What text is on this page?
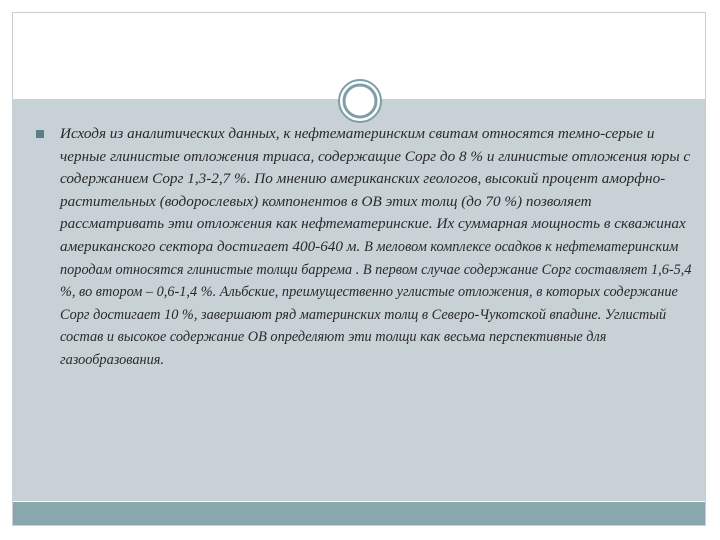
Исходя из аналитических данных, к нефтематеринским свитам относятся темно-серые и черные глинистые отложения триаса, содержащие Сорг до 8 % и глинистые отложения юры с содержанием Сорг 1,3-2,7 %. По мнению американских геологов, высокий процент аморфно-растительных (водорослевых) компонентов в ОВ этих толщ (до 70 %) позволяет рассматривать эти отложения как нефтематеринские. Их суммарная мощность в скважинах американского сектора достигает 400-640 м. В меловом комплексе осадков к нефтематеринским породам относятся глинистые толщи баррема . В первом случае содержание Сорг составляет 1,6-5,4 %, во втором – 0,6-1,4 %. Альбские, преимущественно углистые отложения, в которых содержание Сорг достигает 10 %, завершают ряд материнских толщ в Северо-Чукотской впадине. Углистый состав и высокое содержание ОВ определяют эти толщи как весьма перспективные для газообразования.
